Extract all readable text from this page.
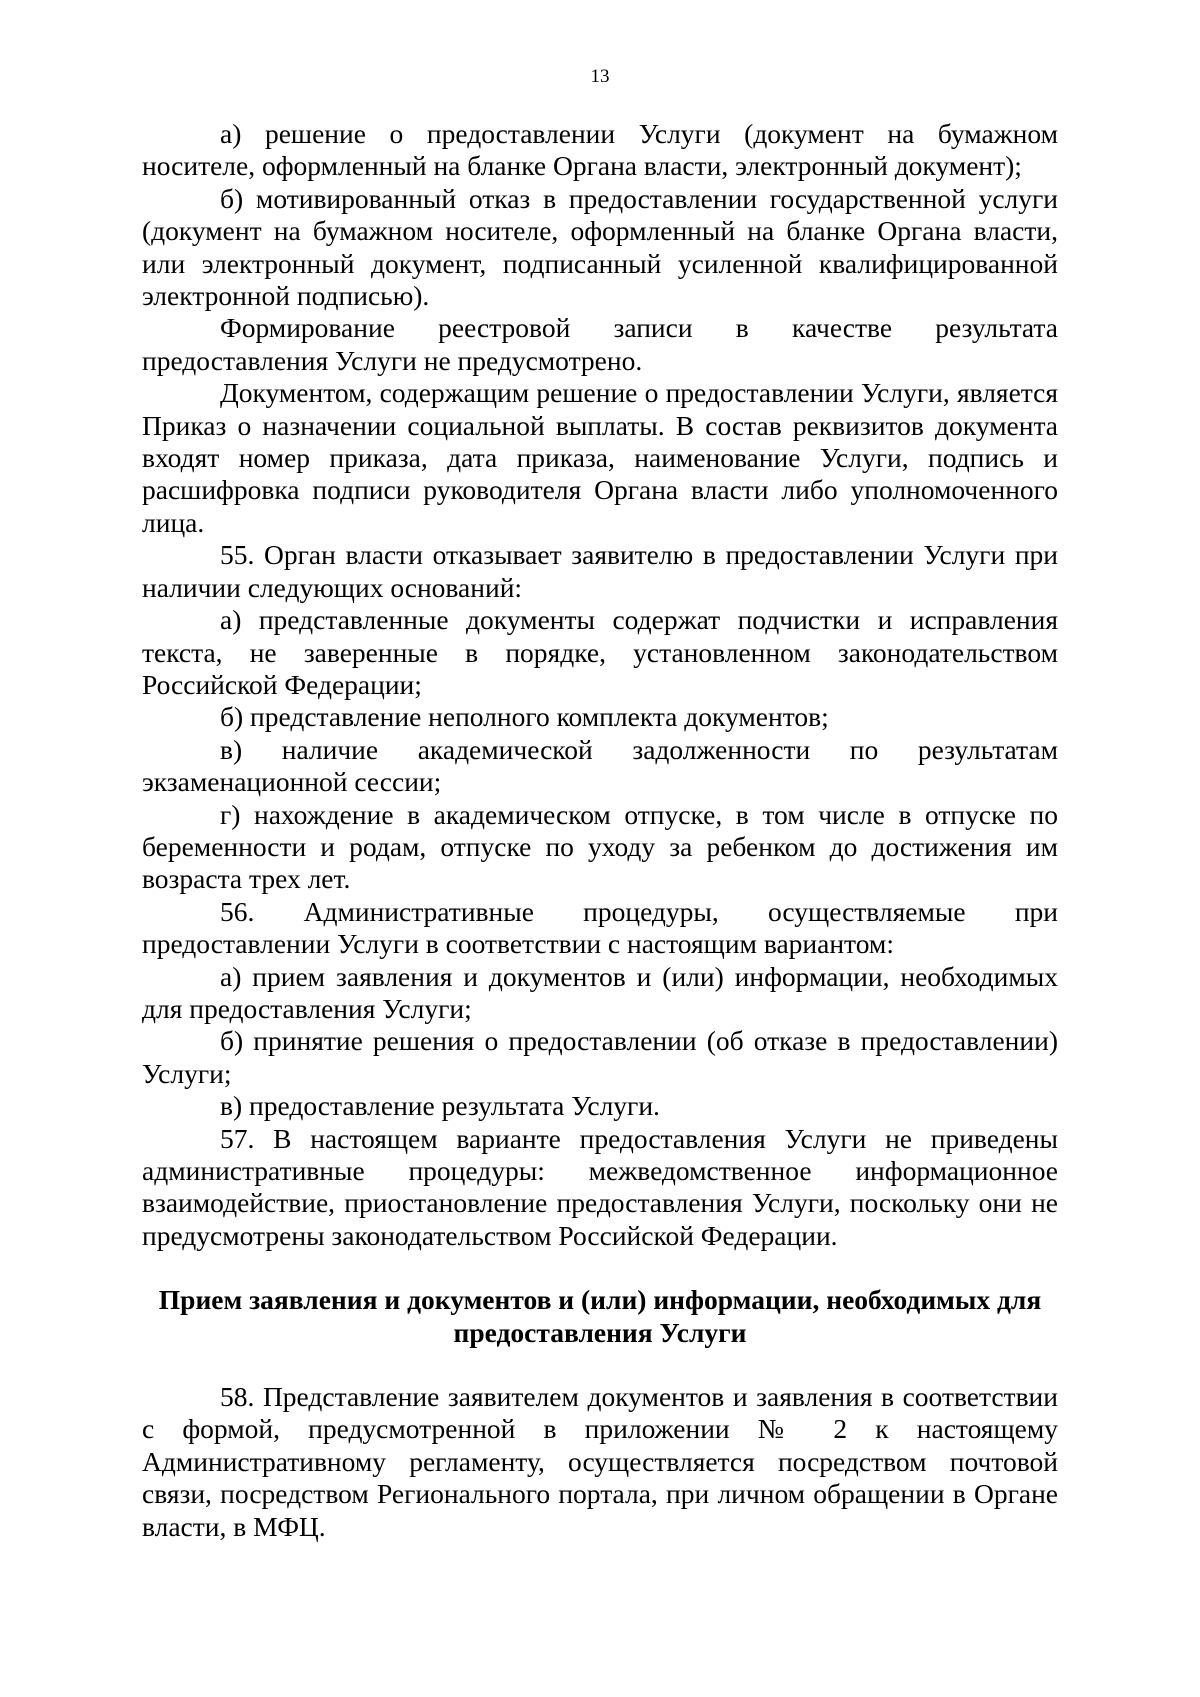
13

а) решение о предоставлении Услуги (документ на бумажном носителе, оформленный на бланке Органа власти, электронный документ);

б) мотивированный отказ в предоставлении государственной услуги (документ на бумажном носителе, оформленный на бланке Органа власти, или электронный документ, подписанный усиленной квалифицированной электронной подписью).

Формирование реестровой записи в качестве результата предоставления Услуги не предусмотрено.

Документом, содержащим решение о предоставлении Услуги, является Приказ о назначении социальной выплаты. В состав реквизитов документа входят номер приказа, дата приказа, наименование Услуги, подпись и расшифровка подписи руководителя Органа власти либо уполномоченного лица.

55. Орган власти отказывает заявителю в предоставлении Услуги при наличии следующих оснований:

а) представленные документы содержат подчистки и исправления текста, не заверенные в порядке, установленном законодательством Российской Федерации;

б) представление неполного комплекта документов;

в) наличие академической задолженности по результатам экзаменационной сессии;

г) нахождение в академическом отпуске, в том числе в отпуске по беременности и родам, отпуске по уходу за ребенком до достижения им возраста трех лет.

56. Административные процедуры, осуществляемые при предоставлении Услуги в соответствии с настоящим вариантом:

а) прием заявления и документов и (или) информации, необходимых для предоставления Услуги;

б) принятие решения о предоставлении (об отказе в предоставлении) Услуги;

в) предоставление результата Услуги.

57. В настоящем варианте предоставления Услуги не приведены административные процедуры: межведомственное информационное взаимодействие, приостановление предоставления Услуги, поскольку они не предусмотрены законодательством Российской Федерации.

Прием заявления и документов и (или) информации, необходимых для

предоставления Услуги

58. Представление заявителем документов и заявления в соответствии с формой, предусмотренной в приложении № 2 к настоящему Административному регламенту, осуществляется посредством почтовой связи, посредством Регионального портала, при личном обращении в Органе власти, в МФЦ.
